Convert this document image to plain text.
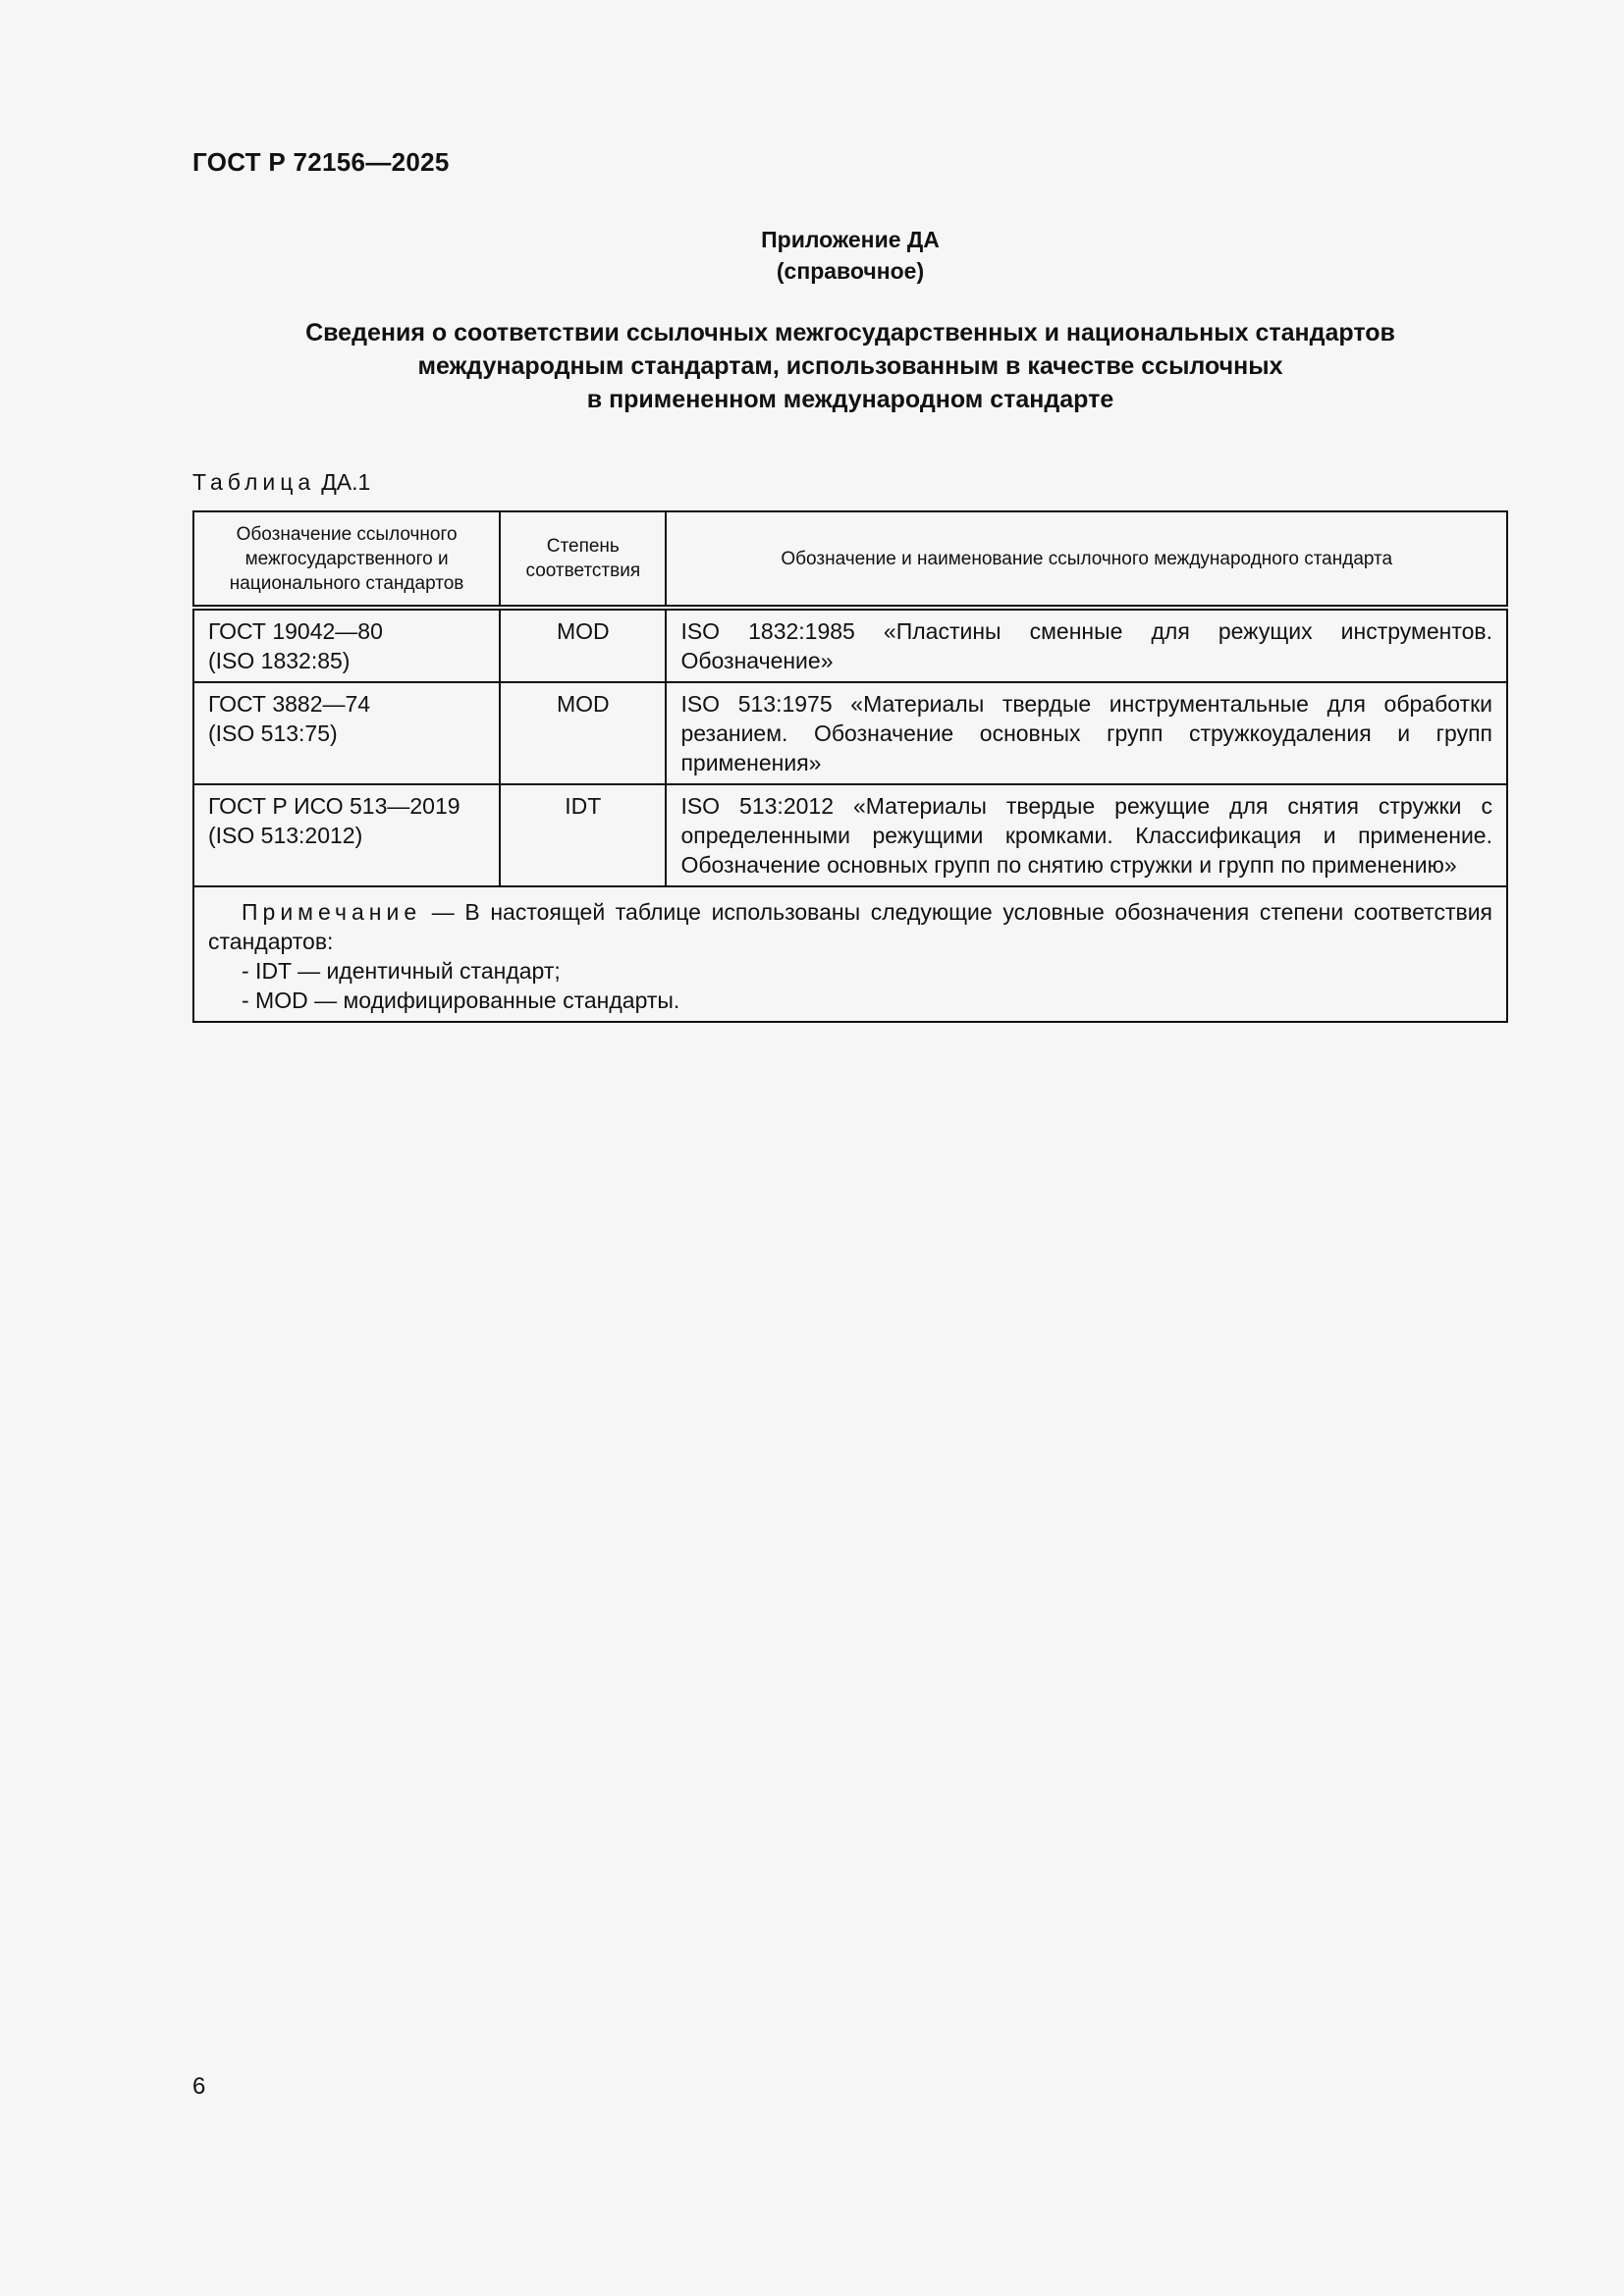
ГОСТ Р 72156—2025
Приложение ДА
(справочное)
Сведения о соответствии ссылочных межгосударственных и национальных стандартов
международным стандартам, использованным в качестве ссылочных
в примененном международном стандарте
Таблица ДА.1
Обозначение ссылочного межгосударственного и национального стандартов	Степень соответствия	Обозначение и наименование ссылочного международного стандарта

ГОСТ 19042—80
(ISO 1832:85)	MOD	ISO 1832:1985 «Пластины сменные для режущих инструментов. Обозначение»

ГОСТ 3882—74
(ISO 513:75)	MOD	ISO 513:1975 «Материалы твердые инструментальные для обработки резанием. Обозначение основных групп стружкоудаления и групп применения»

ГОСТ Р ИСО 513—2019
(ISO 513:2012)	IDT	ISO 513:2012 «Материалы твердые режущие для снятия стружки с определенными режущими кромками. Классификация и применение. Обозначение основных групп по снятию стружки и групп по применению»

Примечание — В настоящей таблице использованы следующие условные обозначения степени соответствия стандартов:
- IDT — идентичный стандарт;
- MOD — модифицированные стандарты.		
6
